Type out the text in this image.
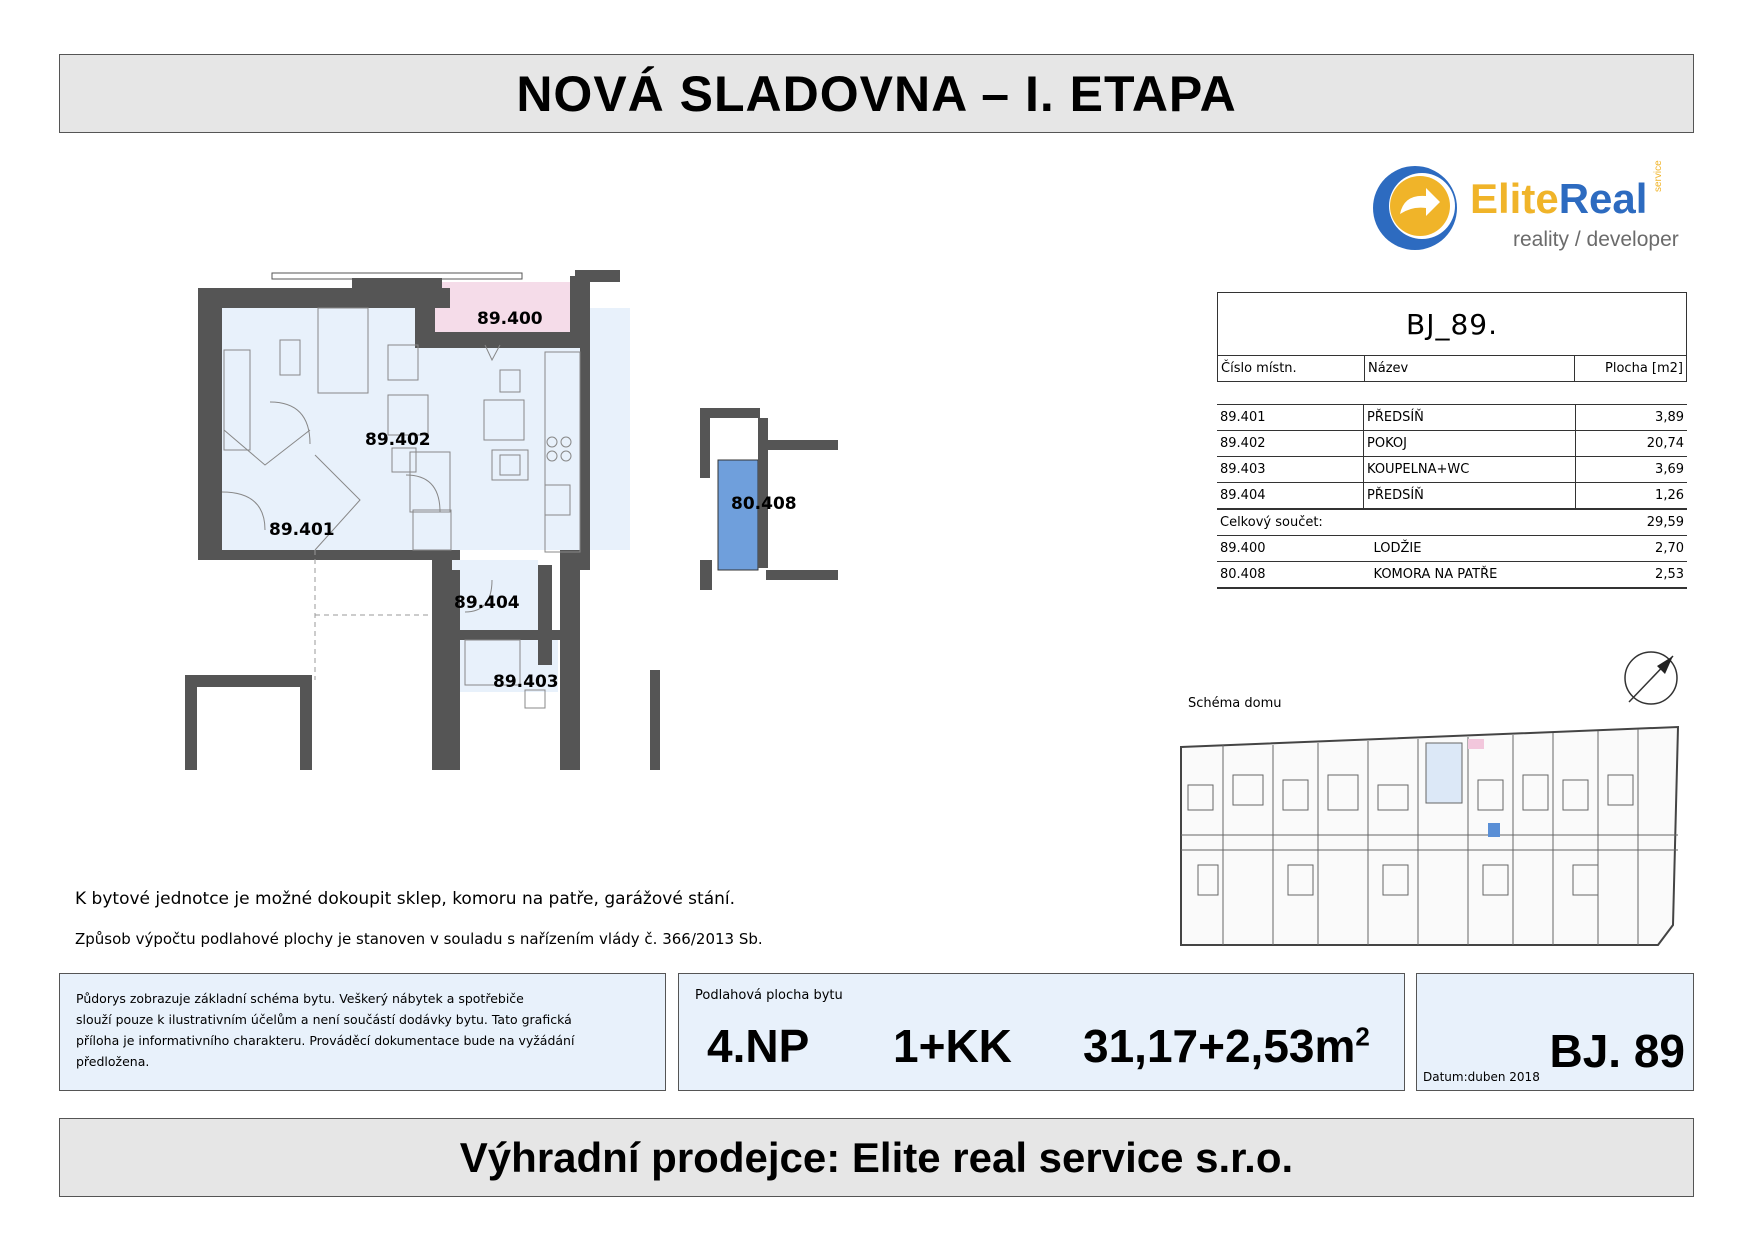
NOVÁ SLADOVNA – I. ETAPA
EliteReal service
reality / developer
89.400
89.402
89.401
89.404
89.403
80.408
BJ_89.
Číslo místn.	Název	Plocha [m2]
89.401	PŘEDSÍŇ	3,89
89.402	POKOJ	20,74
89.403	KOUPELNA+WC	3,69
89.404	PŘEDSÍŇ	1,26
Celkový součet:		29,59
89.400	LODŽIE	2,70
80.408	KOMORA NA PATŘE	2,53
Schéma domu
K bytové jednotce je možné dokoupit sklep, komoru na patře, garážové stání.
Způsob výpočtu podlahové plochy je stanoven v souladu s nařízením vlády č. 366/2013 Sb.
Půdorys zobrazuje základní schéma bytu. Veškerý nábytek a spotřebiče
slouží pouze k ilustrativním účelům a není součástí dodávky bytu. Tato grafická
příloha je informativního charakteru. Prováděcí dokumentace bude na vyžádání
předložena.
Podlahová plocha bytu
4.NP 1+KK $31,17+2,53m^2$	BJ. 89
Datum:duben 2018
Výhradní prodejce: Elite real service s.r.o.
